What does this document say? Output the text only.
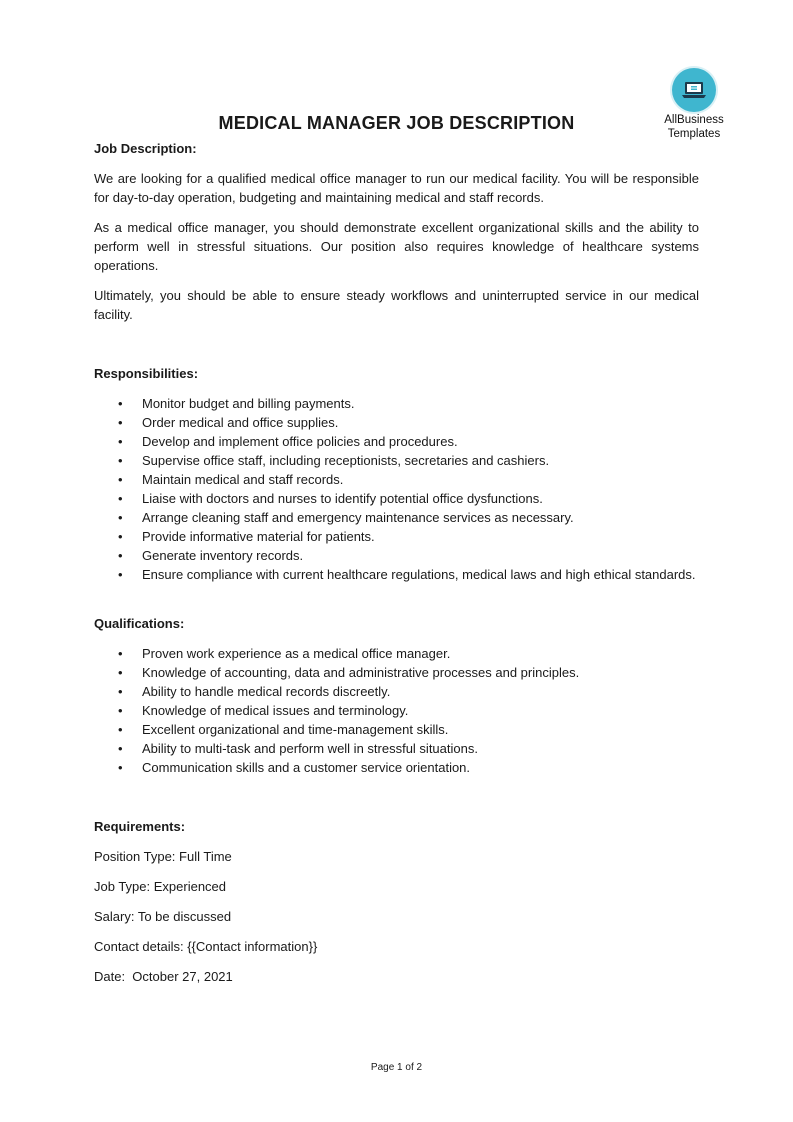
AllBusiness
Templates
MEDICAL MANAGER JOB DESCRIPTION

Job Description:

We are looking for a qualified medical office manager to run our medical facility. You will be responsible for day-to-day operation, budgeting and maintaining medical and staff records.

As a medical office manager, you should demonstrate excellent organizational skills and the ability to perform well in stressful situations. Our position also requires knowledge of healthcare systems operations.

Ultimately, you should be able to ensure steady workflows and uninterrupted service in our medical facility.

Responsibilities:

• Monitor budget and billing payments.
• Order medical and office supplies.
• Develop and implement office policies and procedures.
• Supervise office staff, including receptionists, secretaries and cashiers.
• Maintain medical and staff records.
• Liaise with doctors and nurses to identify potential office dysfunctions.
• Arrange cleaning staff and emergency maintenance services as necessary.
• Provide informative material for patients.
• Generate inventory records.
• Ensure compliance with current healthcare regulations, medical laws and high ethical standards.

Qualifications:

• Proven work experience as a medical office manager.
• Knowledge of accounting, data and administrative processes and principles.
• Ability to handle medical records discreetly.
• Knowledge of medical issues and terminology.
• Excellent organizational and time-management skills.
• Ability to multi-task and perform well in stressful situations.
• Communication skills and a customer service orientation.

Requirements:

Position Type: Full Time

Job Type: Experienced

Salary: To be discussed

Contact details: {{Contact information}}

Date:  October 27, 2021

Page 1 of 2
